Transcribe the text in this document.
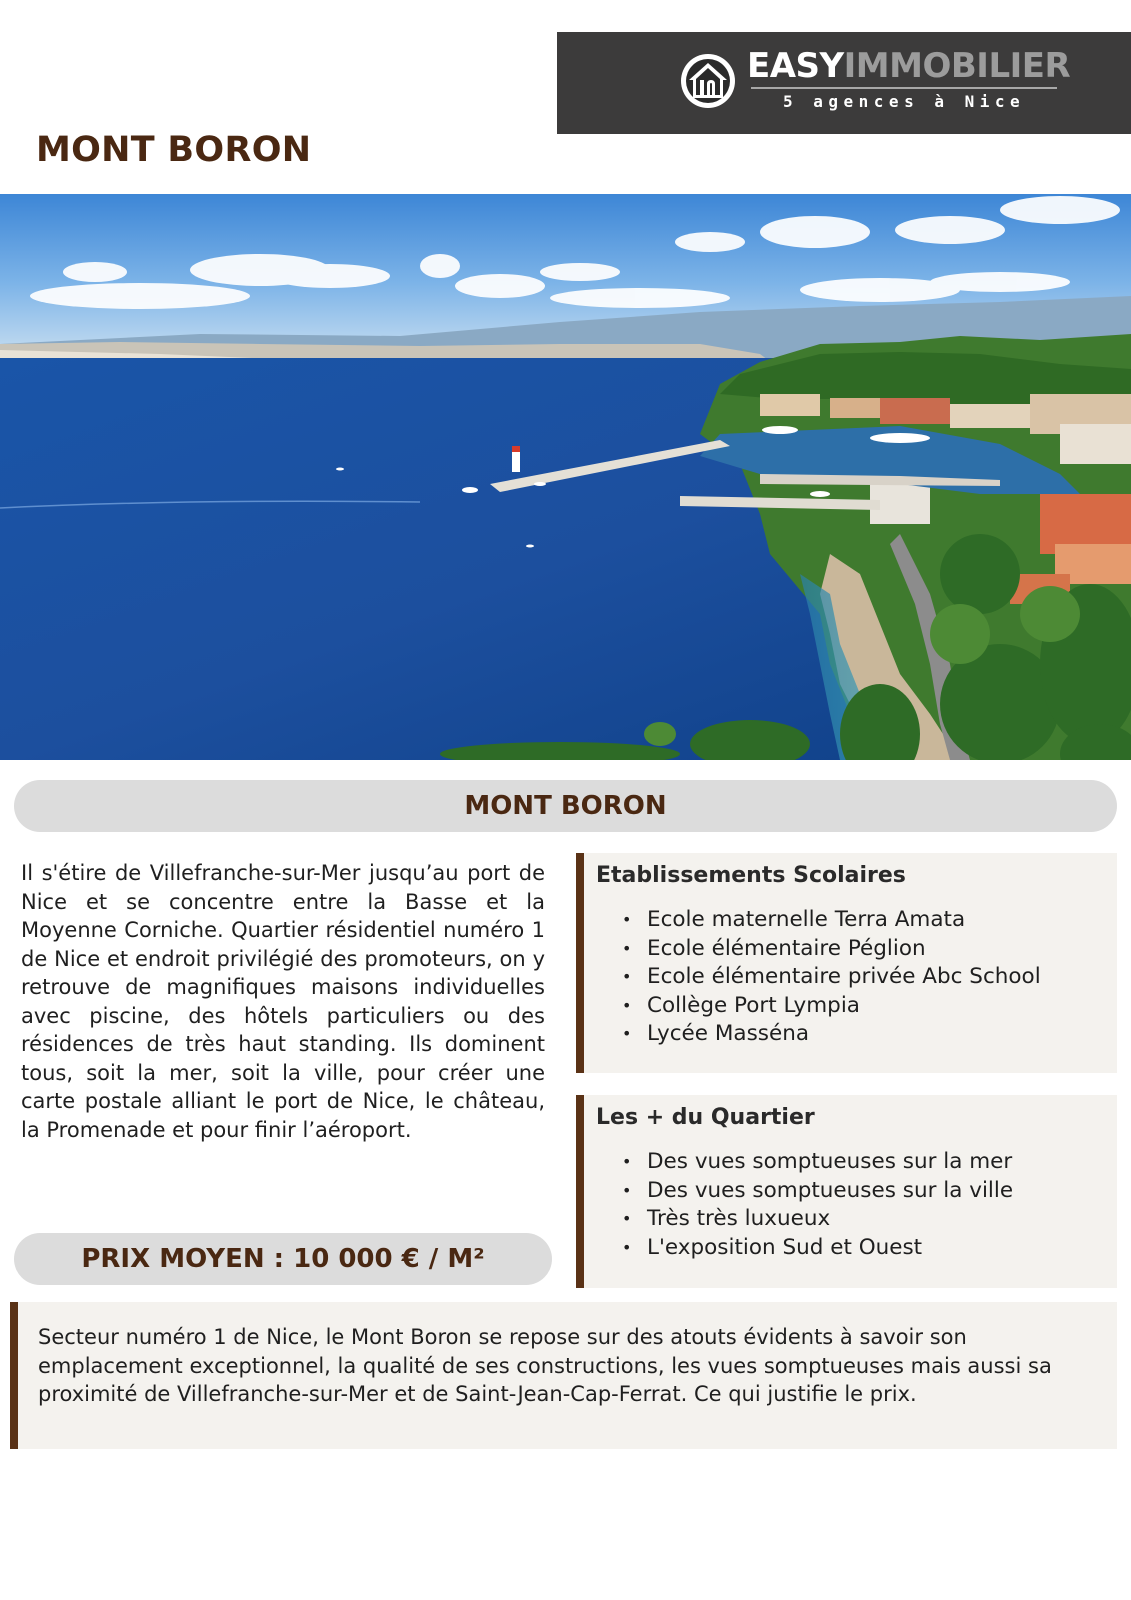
EASYIMMOBILIER
5 agences à Nice
MONT BORON
MONT BORON

Il s'étire de Villefranche-sur-Mer jusqu’au port de Nice et se concentre entre la Basse et la Moyenne Corniche. Quartier résidentiel numéro 1 de Nice et endroit privilégié des promoteurs, on y retrouve de magnifiques maisons individuelles avec piscine, des hôtels particuliers ou des résidences de très haut standing. Ils dominent tous, soit la mer, soit la ville, pour créer une carte postale alliant le port de Nice, le château, la Promenade et pour finir l’aéroport.

PRIX MOYEN : 10 000 € / M²
Etablissements Scolaires
• Ecole maternelle Terra Amata
• Ecole élémentaire Péglion
• Ecole élémentaire privée Abc School
• Collège Port Lympia
• Lycée Masséna
Les + du Quartier
• Des vues somptueuses sur la mer
• Des vues somptueuses sur la ville
• Très très luxueux
• L'exposition Sud et Ouest

Secteur numéro 1 de Nice, le Mont Boron se repose sur des atouts évidents à savoir son emplacement exceptionnel, la qualité de ses constructions, les vues somptueuses mais aussi sa proximité de Villefranche-sur-Mer et de Saint-Jean-Cap-Ferrat. Ce qui justifie le prix.
